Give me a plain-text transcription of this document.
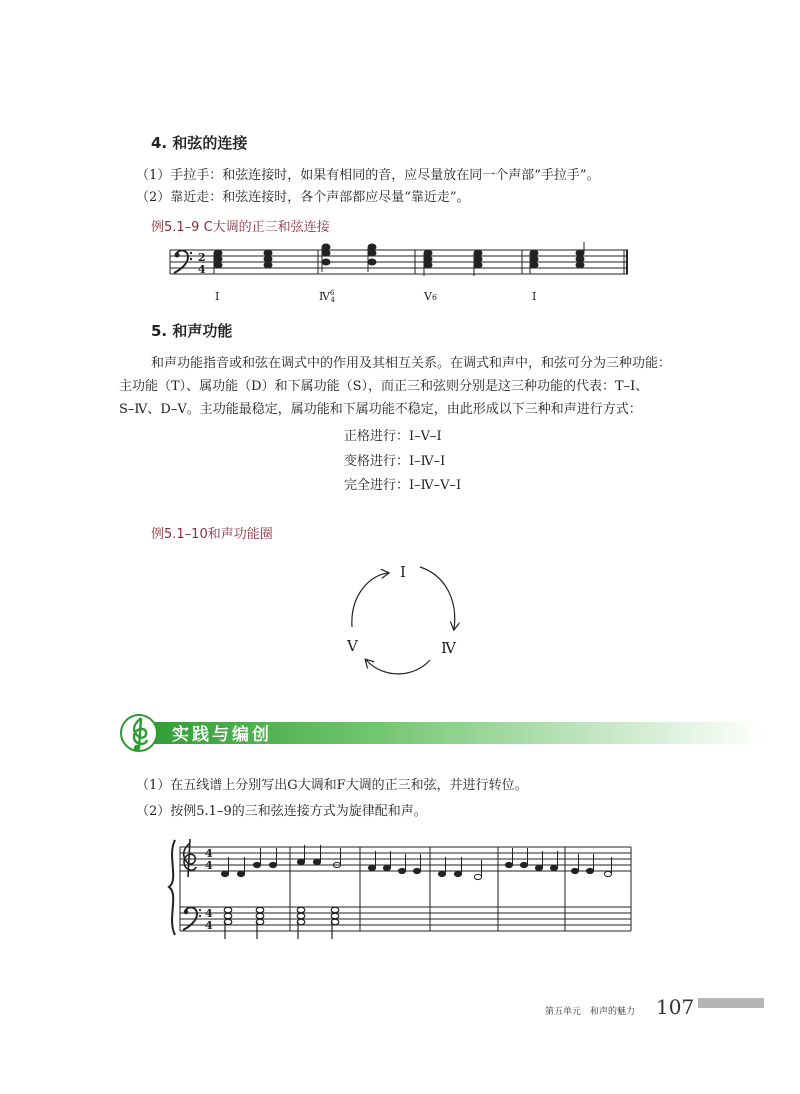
4. 和弦的连接
（1）手拉手：和弦连接时，如果有相同的音，应尽量放在同一个声部“手拉手”。
（2）靠近走：和弦连接时，各个声部都应尽量“靠近走”。
例5.1–9 C大调的正三和弦连接
2
4
Ⅰ	Ⅳ$^6$4	Ⅴ6	Ⅰ
5. 和声功能

和声功能指音或和弦在调式中的作用及其相互关系。在调式和声中，和弦可分为三种功能：

主功能（T）、属功能（D）和下属功能（S），而正三和弦则分别是这三种功能的代表：T–Ⅰ、

S–Ⅳ、D–Ⅴ。主功能最稳定，属功能和下属功能不稳定，由此形成以下三种和声进行方式：

正格进行：Ⅰ–Ⅴ–Ⅰ
变格进行：Ⅰ–Ⅳ–Ⅰ
完全进行：Ⅰ–Ⅳ–Ⅴ–Ⅰ
例5.1–10和声功能圈
Ⅰ
Ⅳ
Ⅴ
实践与编创
（1）在五线谱上分别写出G大调和F大调的正三和弦，并进行转位。
（2）按例5.1–9的三和弦连接方式为旋律配和声。
4
4
4
4
第五单元　和声的魅力 107
